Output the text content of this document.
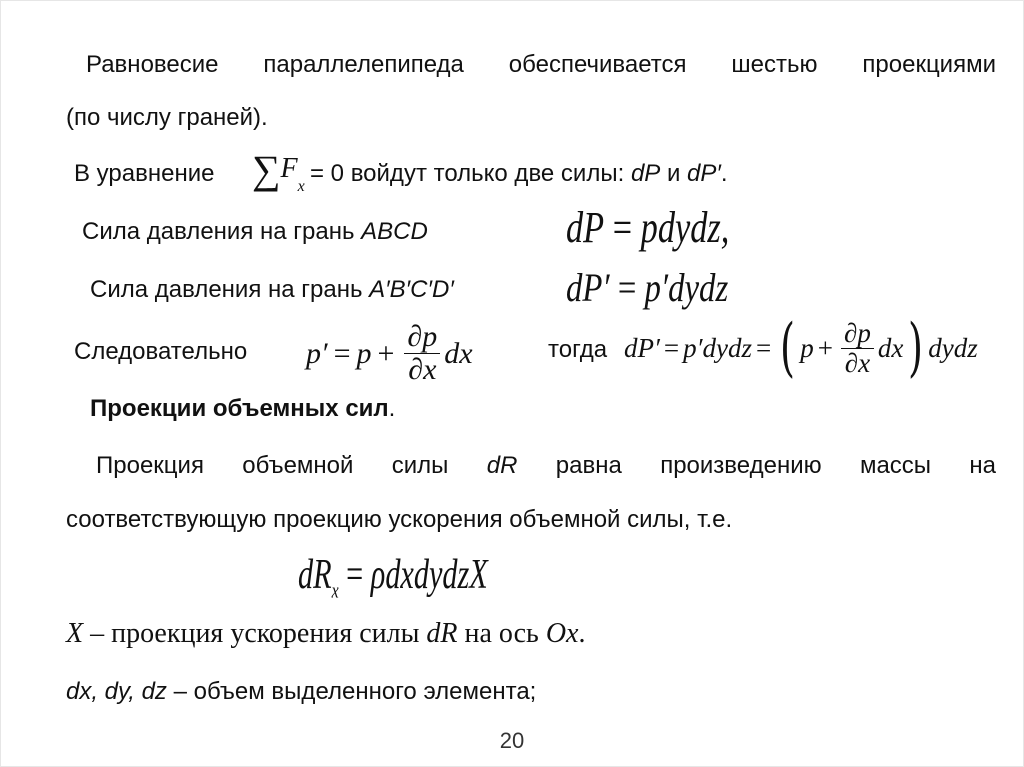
Равновесие параллелепипеда обеспечивается шестью проекциями
(по числу граней).
В уравнение $\sum F_x = 0$ войдут только две силы: dP и dP′.
Сила давления на грань ABCD	dP = pdydz,
Сила давления на грань A′B′C′D′	dP′ = p′dydz
Следовательно $p' = p + \frac{\partial p}{\partial x}$ dx	тогда dP′ = p′dydz = ( $p + \frac{\partial p}{\partial x}$ dx ) dydz
Проекции объемных сил.
Проекция объемной силы dR равна произведению массы на
соответствующую проекцию ускорения объемной силы, т.е.
$dR_x$ = ρdxdydzX
X – проекция ускорения силы dR на ось Ox.
dx, dy, dz – объем выделенного элемента;
20
